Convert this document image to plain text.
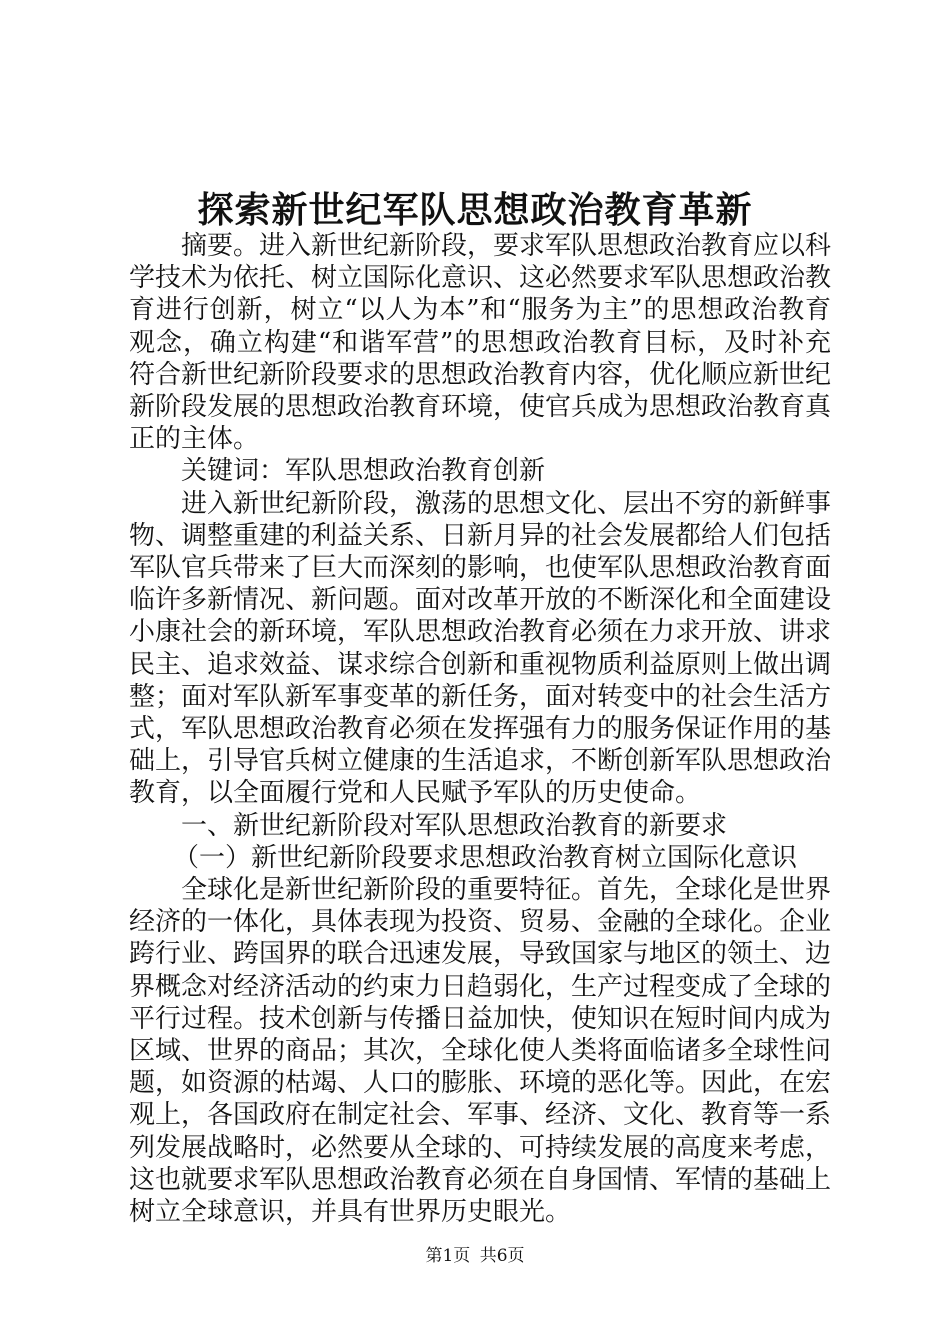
探索新世纪军队思想政治教育革新

摘要。进入新世纪新阶段，要求军队思想政治教育应以科学技术为依托、树立国际化意识、这必然要求军队思想政治教育进行创新，树立“以人为本”和“服务为主”的思想政治教育观念，确立构建“和谐军营”的思想政治教育目标，及时补充符合新世纪新阶段要求的思想政治教育内容，优化顺应新世纪新阶段发展的思想政治教育环境，使官兵成为思想政治教育真正的主体。

关键词：军队思想政治教育创新

进入新世纪新阶段，激荡的思想文化、层出不穷的新鲜事物、调整重建的利益关系、日新月异的社会发展都给人们包括军队官兵带来了巨大而深刻的影响，也使军队思想政治教育面临许多新情况、新问题。面对改革开放的不断深化和全面建设小康社会的新环境，军队思想政治教育必须在力求开放、讲求民主、追求效益、谋求综合创新和重视物质利益原则上做出调整；面对军队新军事变革的新任务，面对转变中的社会生活方式，军队思想政治教育必须在发挥强有力的服务保证作用的基础上，引导官兵树立健康的生活追求，不断创新军队思想政治教育，以全面履行党和人民赋予军队的历史使命。

一、新世纪新阶段对军队思想政治教育的新要求

（一）新世纪新阶段要求思想政治教育树立国际化意识

全球化是新世纪新阶段的重要特征。首先，全球化是世界经济的一体化，具体表现为投资、贸易、金融的全球化。企业跨行业、跨国界的联合迅速发展，导致国家与地区的领土、边界概念对经济活动的约束力日趋弱化，生产过程变成了全球的平行过程。技术创新与传播日益加快，使知识在短时间内成为区域、世界的商品；其次，全球化使人类将面临诸多全球性问题，如资源的枯竭、人口的膨胀、环境的恶化等。因此，在宏观上，各国政府在制定社会、军事、经济、文化、教育等一系列发展战略时，必然要从全球的、可持续发展的高度来考虑，这也就要求军队思想政治教育必须在自身国情、军情的基础上树立全球意识，并具有世界历史眼光。

第1页 共6页
